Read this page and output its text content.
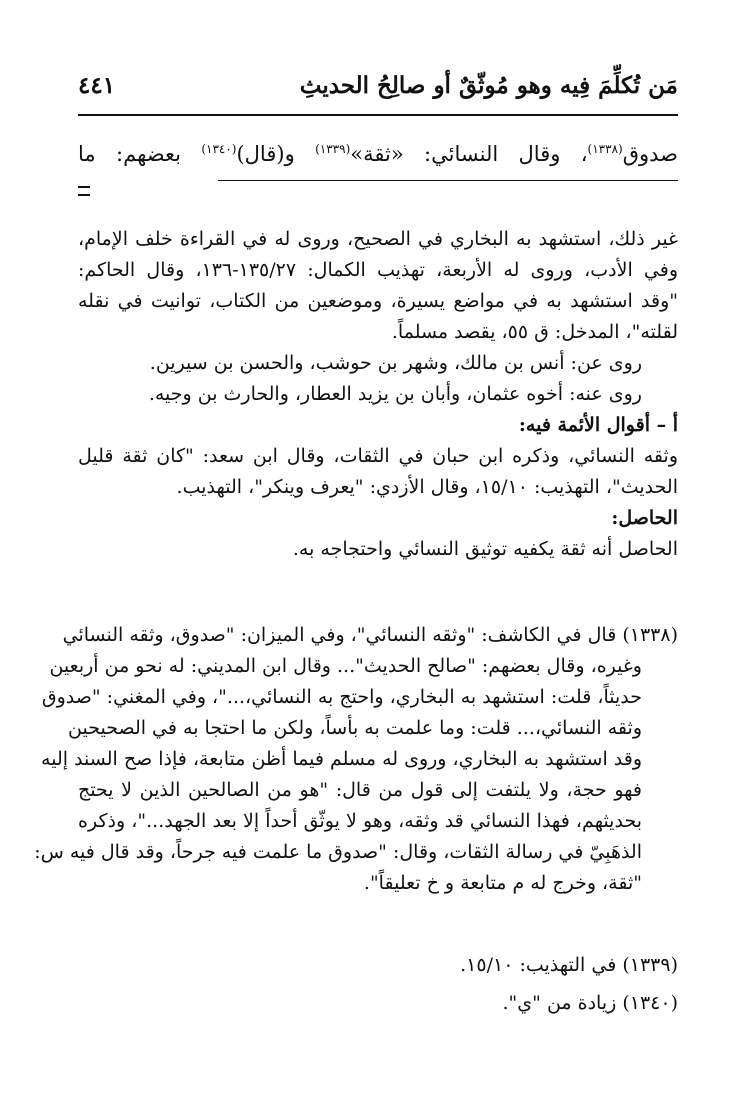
مَن تُكلِّمَ فِيه وهو مُوثّقٌ أو صالِحُ الحديثِ
٤٤١
صدوق$^{(١٣٣٨)}$، وقال النسائي: «ثقة»$^{(١٣٣٩)}$ و(قال)$^{(١٣٤٠)}$ بعضهم: ما
غير ذلك، استشهد به البخاري في الصحيح، وروى له في القراءة خلف الإمام،
وفي الأدب، وروى له الأربعة، تهذيب الكمال: ١٣٥/٢٧-١٣٦، وقال الحاكم:
"وقد استشهد به في مواضع يسيرة، وموضعين من الكتاب، توانيت في نقله
لقلته"، المدخل: ق ٥٥، يقصد مسلماً.
روى عن: أنس بن مالك، وشهر بن حوشب، والحسن بن سيرين.
روى عنه: أخوه عثمان، وأبان بن يزيد العطار، والحارث بن وجيه.
أ – أقوال الأئمة فيه:
وثقه النسائي، وذكره ابن حبان في الثقات، وقال ابن سعد: "كان ثقة قليل
الحديث"، التهذيب: ١٥/١٠، وقال الأزدي: "يعرف وينكر"، التهذيب.
الحاصل:
الحاصل أنه ثقة يكفيه توثيق النسائي واحتجاجه به.
(١٣٣٨) قال في الكاشف: "وثقه النسائي"، وفي الميزان: "صدوق، وثقه النسائي
وغيره، وقال بعضهم: "صالح الحديث"... وقال ابن المديني: له نحو من أربعين
حديثاً، قلت: استشهد به البخاري، واحتج به النسائي،..."، وفي المغني: "صدوق
وثقه النسائي،... قلت: وما علمت به بأساً، ولكن ما احتجا به في الصحيحين
وقد استشهد به البخاري، وروى له مسلم فيما أظن متابعة، فإذا صح السند إليه
فهو حجة، ولا يلتفت إلى قول من قال: "هو من الصالحين الذين لا يحتج
بحديثهم، فهذا النسائي قد وثقه، وهو لا يوثّق أحداً إلا بعد الجهد..."، وذكره
الذهَبِيّ في رسالة الثقات، وقال: "صدوق ما علمت فيه جرحاً، وقد قال فيه س:
"ثقة، وخرج له م متابعة و خ تعليقاً".
(١٣٣٩) في التهذيب: ١٥/١٠.
(١٣٤٠) زيادة من "ي".
